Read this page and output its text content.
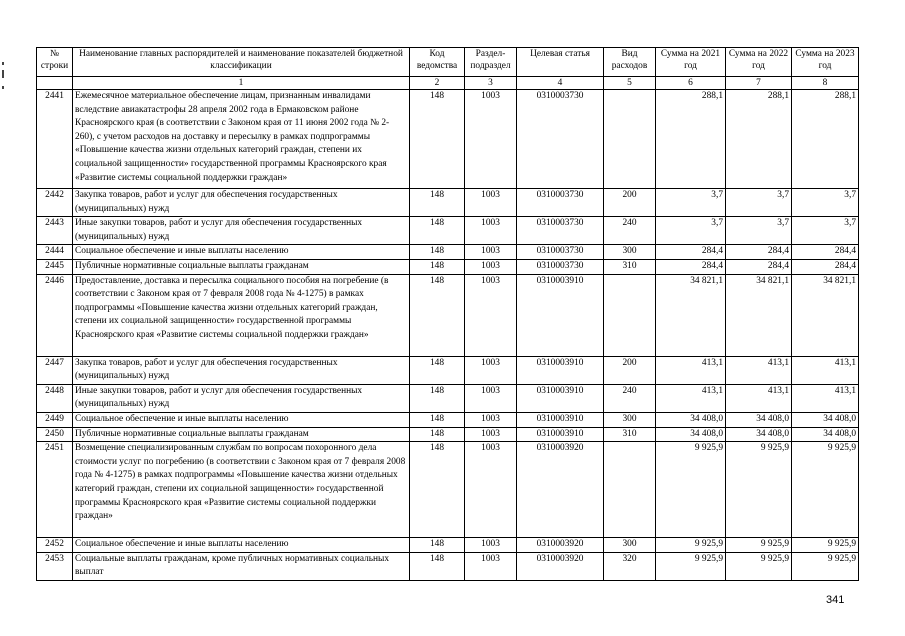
№ строки	Наименование главных распорядителей и наименование показателей бюджетной классификации	Код ведомства	Раздел-подраздел	Целевая статья	Вид расходов	Сумма на 2021 год	Сумма на 2022 год	Сумма на 2023 год
	1	2	3	4	5	6	7	8
2441	Ежемесячное материальное обеспечение лицам, признанным инвалидами вследствие авиакатастрофы 28 апреля 2002 года в Ермаковском районе Красноярского края (в соответствии с Законом края от 11 июня 2002 года № 2-260), с учетом расходов на доставку и пересылку в рамках подпрограммы «Повышение качества жизни отдельных категорий граждан, степени их социальной защищенности» государственной программы Красноярского края «Развитие системы социальной поддержки граждан»	148	1003	0310003730		288,1	288,1	288,1
2442	Закупка товаров, работ и услуг для обеспечения государственных (муниципальных) нужд	148	1003	0310003730	200	3,7	3,7	3,7
2443	Иные закупки товаров, работ и услуг для обеспечения государственных (муниципальных) нужд	148	1003	0310003730	240	3,7	3,7	3,7
2444	Социальное обеспечение и иные выплаты населению	148	1003	0310003730	300	284,4	284,4	284,4
2445	Публичные нормативные социальные выплаты гражданам	148	1003	0310003730	310	284,4	284,4	284,4
2446	Предоставление, доставка и пересылка социального пособия на погребение (в соответствии с Законом края от 7 февраля 2008 года № 4-1275) в рамках подпрограммы «Повышение качества жизни отдельных категорий граждан, степени их социальной защищенности» государственной программы Красноярского края «Развитие системы социальной поддержки граждан»	148	1003	0310003910		34 821,1	34 821,1	34 821,1
2447	Закупка товаров, работ и услуг для обеспечения государственных (муниципальных) нужд	148	1003	0310003910	200	413,1	413,1	413,1
2448	Иные закупки товаров, работ и услуг для обеспечения государственных (муниципальных) нужд	148	1003	0310003910	240	413,1	413,1	413,1
2449	Социальное обеспечение и иные выплаты населению	148	1003	0310003910	300	34 408,0	34 408,0	34 408,0
2450	Публичные нормативные социальные выплаты гражданам	148	1003	0310003910	310	34 408,0	34 408,0	34 408,0
2451	Возмещение специализированным службам по вопросам похоронного дела стоимости услуг по погребению (в соответствии с Законом края от 7 февраля 2008 года № 4-1275) в рамках подпрограммы «Повышение качества жизни отдельных категорий граждан, степени их социальной защищенности» государственной программы Красноярского края «Развитие системы социальной поддержки граждан»	148	1003	0310003920		9 925,9	9 925,9	9 925,9
2452	Социальное обеспечение и иные выплаты населению	148	1003	0310003920	300	9 925,9	9 925,9	9 925,9
2453	Социальные выплаты гражданам, кроме публичных нормативных социальных выплат	148	1003	0310003920	320	9 925,9	9 925,9	9 925,9
341
